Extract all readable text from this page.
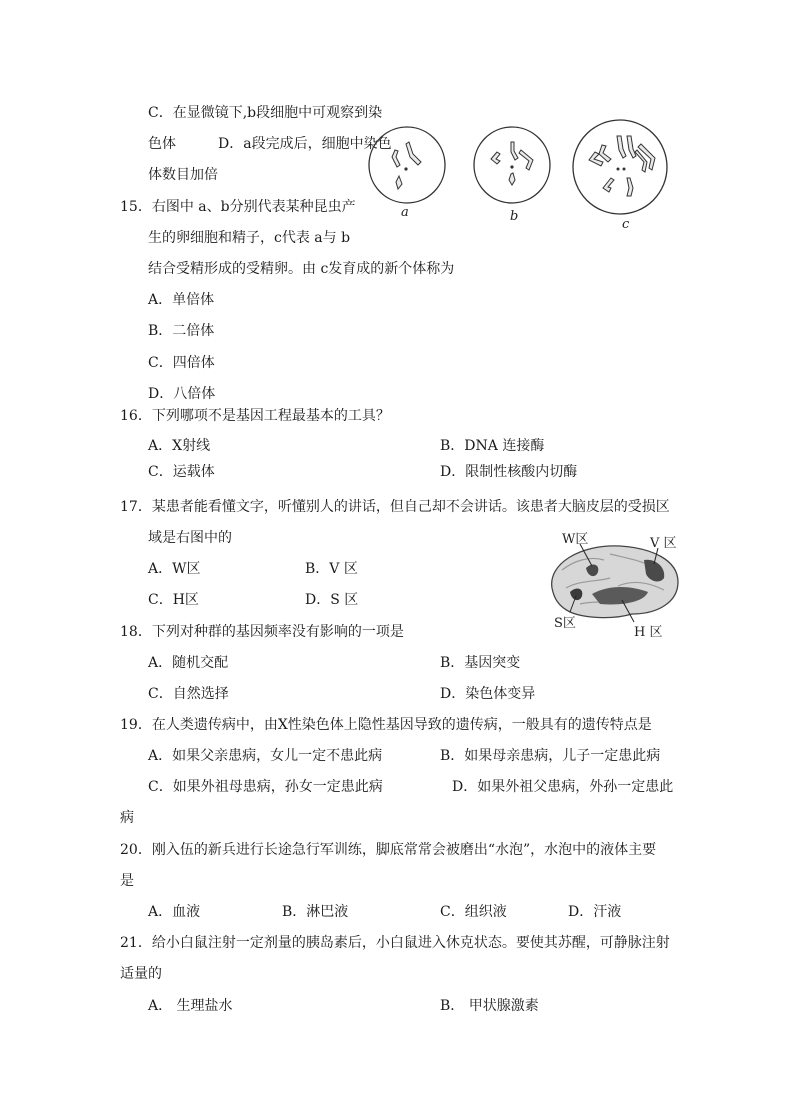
C．在显微镜下,b段细胞中可观察到染
色体	D．a段完成后，细胞中染色
体数目加倍
a	b
c
15．右图中 a、b分别代表某种昆虫产
生的卵细胞和精子，c代表 a与 b
结合受精形成的受精卵。由 c发育成的新个体称为
A．单倍体
B．二倍体
C．四倍体
D．八倍体
16．下列哪项不是基因工程最基本的工具？
A．X射线	B．DNA 连接酶
C．运载体	D．限制性核酸内切酶
17．某患者能看懂文字，听懂别人的讲话，但自己却不会讲话。该患者大脑皮层的受损区
域是右图中的
A．W区	B．V 区
C．H区	D．S 区
W区	V 区
S区
H 区
18．下列对种群的基因频率没有影响的一项是
A．随机交配	B．基因突变
C．自然选择	D．染色体变异
19．在人类遗传病中，由X性染色体上隐性基因导致的遗传病，一般具有的遗传特点是
A．如果父亲患病，女儿一定不患此病	B．如果母亲患病，儿子一定患此病
C．如果外祖母患病，孙女一定患此病	D．如果外祖父患病，外孙一定患此
病
20．刚入伍的新兵进行长途急行军训练，脚底常常会被磨出“水泡”，水泡中的液体主要
是
A．血液	B．淋巴液	C．组织液	D．汗液
21．给小白鼠注射一定剂量的胰岛素后，小白鼠进入休克状态。要使其苏醒，可静脉注射
适量的
A． 生理盐水	B． 甲状腺激素
